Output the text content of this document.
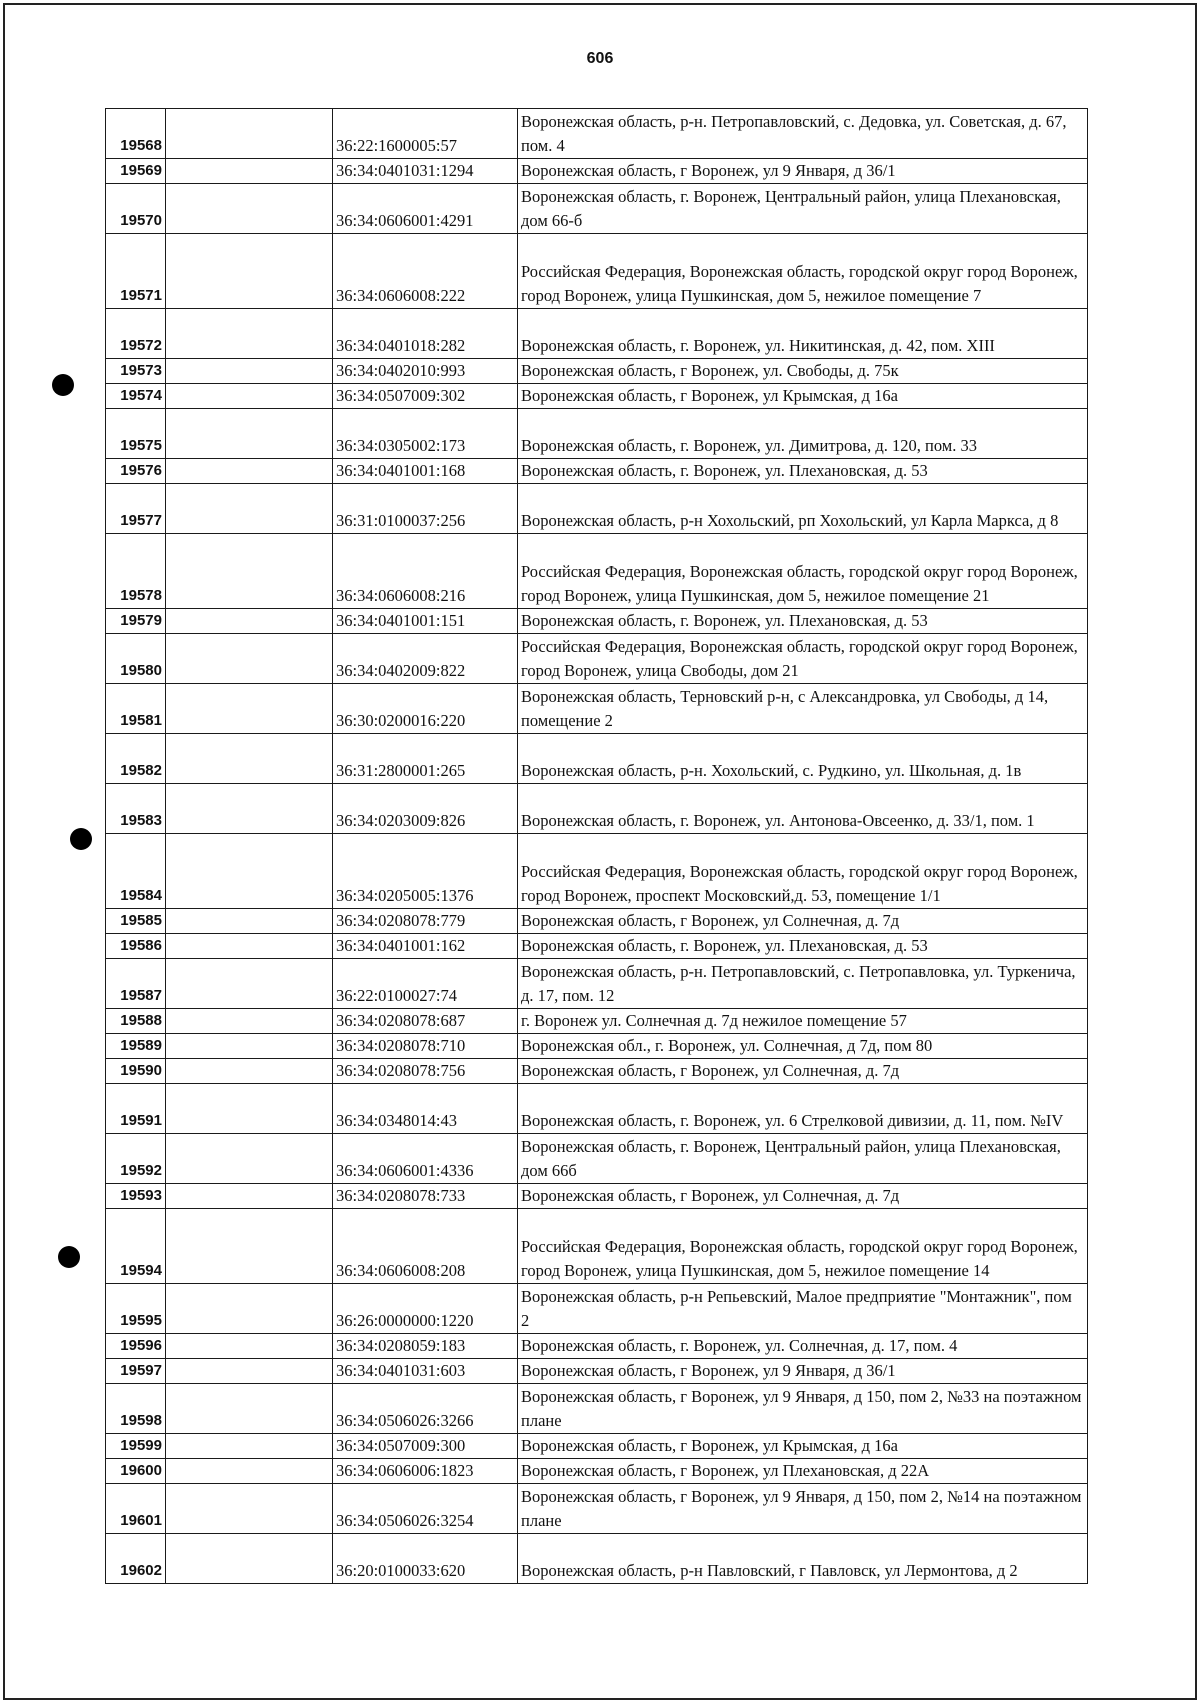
606
19568		36:22:1600005:57	Воронежская область, р-н. Петропавловский, с. Дедовка, ул. Советская, д. 67, пом. 4
19569		36:34:0401031:1294	Воронежская область, г Воронеж, ул 9 Января, д 36/1
19570		36:34:0606001:4291	Воронежская область, г. Воронеж, Центральный район, улица Плехановская, дом 66-б
19571		36:34:0606008:222	Российская Федерация, Воронежская область, городской округ город Воронеж, город Воронеж, улица Пушкинская, дом 5, нежилое помещение 7
19572		36:34:0401018:282	Воронежская область, г. Воронеж, ул. Никитинская, д. 42, пом. XIII
19573		36:34:0402010:993	Воронежская область, г Воронеж, ул. Свободы, д. 75к
19574		36:34:0507009:302	Воронежская область, г Воронеж, ул Крымская, д 16а
19575		36:34:0305002:173	Воронежская область, г. Воронеж, ул. Димитрова, д. 120, пом. 33
19576		36:34:0401001:168	Воронежская область, г. Воронеж, ул. Плехановская, д. 53
19577		36:31:0100037:256	Воронежская область, р-н Хохольский, рп Хохольский, ул Карла Маркса, д 8
19578		36:34:0606008:216	Российская Федерация, Воронежская область, городской округ город Воронеж, город Воронеж, улица Пушкинская, дом 5, нежилое помещение 21
19579		36:34:0401001:151	Воронежская область, г. Воронеж, ул. Плехановская, д. 53
19580		36:34:0402009:822	Российская Федерация, Воронежская область, городской округ город Воронеж, город Воронеж, улица Свободы, дом 21
19581		36:30:0200016:220	Воронежская область, Терновский р-н, с Александровка, ул Свободы, д 14, помещение 2
19582		36:31:2800001:265	Воронежская область, р-н. Хохольский, с. Рудкино, ул. Школьная, д. 1в
19583		36:34:0203009:826	Воронежская область, г. Воронеж, ул. Антонова-Овсеенко, д. 33/1, пом. 1
19584		36:34:0205005:1376	Российская Федерация, Воронежская область, городской округ город Воронеж, город Воронеж, проспект Московский,д. 53, помещение 1/1
19585		36:34:0208078:779	Воронежская область, г Воронеж, ул Солнечная, д. 7д
19586		36:34:0401001:162	Воронежская область, г. Воронеж, ул. Плехановская, д. 53
19587		36:22:0100027:74	Воронежская область, р-н. Петропавловский, с. Петропавловка, ул. Туркенича, д. 17, пом. 12
19588		36:34:0208078:687	г. Воронеж ул. Солнечная д. 7д нежилое помещение 57
19589		36:34:0208078:710	Воронежская обл., г. Воронеж, ул. Солнечная, д 7д, пом 80
19590		36:34:0208078:756	Воронежская область, г Воронеж, ул Солнечная, д. 7д
19591		36:34:0348014:43	Воронежская область, г. Воронеж, ул. 6 Стрелковой дивизии, д. 11, пом. №IV
19592		36:34:0606001:4336	Воронежская область, г. Воронеж, Центральный район, улица Плехановская, дом 66б
19593		36:34:0208078:733	Воронежская область, г Воронеж, ул Солнечная, д. 7д
19594		36:34:0606008:208	Российская Федерация, Воронежская область, городской округ город Воронеж, город Воронеж, улица Пушкинская, дом 5, нежилое помещение 14
19595		36:26:0000000:1220	Воронежская область, р-н Репьевский, Малое предприятие "Монтажник", пом 2
19596		36:34:0208059:183	Воронежская область, г. Воронеж, ул. Солнечная, д. 17, пом. 4
19597		36:34:0401031:603	Воронежская область, г Воронеж, ул 9 Января, д 36/1
19598		36:34:0506026:3266	Воронежская область, г Воронеж, ул 9 Января, д 150, пом 2, №33 на поэтажном плане
19599		36:34:0507009:300	Воронежская область, г Воронеж, ул Крымская, д 16а
19600		36:34:0606006:1823	Воронежская область, г Воронеж, ул Плехановская, д 22А
19601		36:34:0506026:3254	Воронежская область, г Воронеж, ул 9 Января, д 150, пом 2, №14 на поэтажном плане
19602		36:20:0100033:620	Воронежская область, р-н Павловский, г Павловск, ул Лермонтова, д 2
